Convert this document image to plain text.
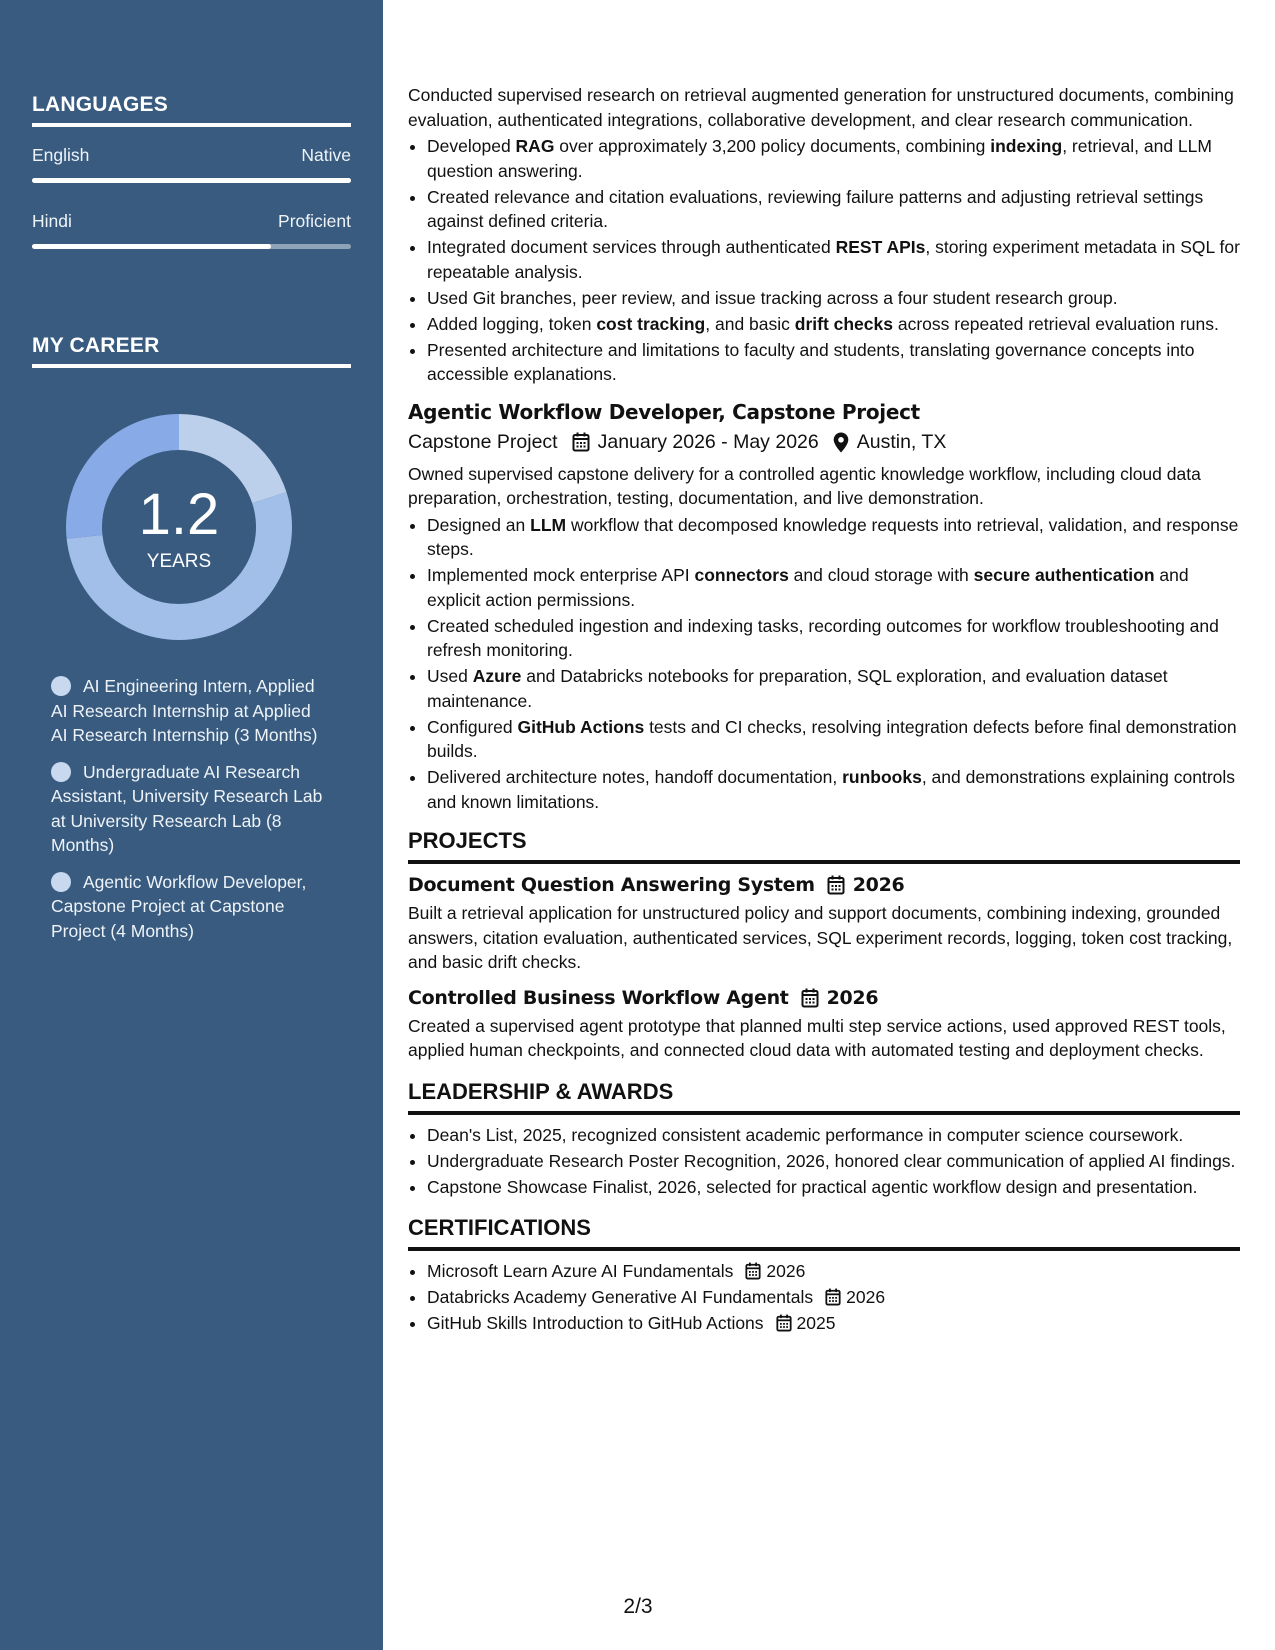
LANGUAGES
English	Native
Hindi	Proficient
MY CAREER
1.2
YEARS
AI Engineering Intern, Applied AI Research Internship at Applied AI Research Internship (3 Months)
Undergraduate AI Research Assistant, University Research Lab at University Research Lab (8 Months)
Agentic Workflow Developer, Capstone Project at Capstone Project (4 Months)

Conducted supervised research on retrieval augmented generation for unstructured documents, combining evaluation, authenticated integrations, collaborative development, and clear research communication.

• Developed RAG over approximately 3,200 policy documents, combining indexing, retrieval, and LLM question answering.
• Created relevance and citation evaluations, reviewing failure patterns and adjusting retrieval settings against defined criteria.
• Integrated document services through authenticated REST APIs, storing experiment metadata in SQL for repeatable analysis.
• Used Git branches, peer review, and issue tracking across a four student research group.
• Added logging, token cost tracking, and basic drift checks across repeated retrieval evaluation runs.
• Presented architecture and limitations to faculty and students, translating governance concepts into accessible explanations.
Agentic Workflow Developer, Capstone Project
Capstone Project January 2026 - May 2026 Austin, TX

Owned supervised capstone delivery for a controlled agentic knowledge workflow, including cloud data preparation, orchestration, testing, documentation, and live demonstration.

• Designed an LLM workflow that decomposed knowledge requests into retrieval, validation, and response steps.
• Implemented mock enterprise API connectors and cloud storage with secure authentication and explicit action permissions.
• Created scheduled ingestion and indexing tasks, recording outcomes for workflow troubleshooting and refresh monitoring.
• Used Azure and Databricks notebooks for preparation, SQL exploration, and evaluation dataset maintenance.
• Configured GitHub Actions tests and CI checks, resolving integration defects before final demonstration builds.
• Delivered architecture notes, handoff documentation, runbooks, and demonstrations explaining controls and known limitations.
PROJECTS
Document Question Answering System 2026

Built a retrieval application for unstructured policy and support documents, combining indexing, grounded answers, citation evaluation, authenticated services, SQL experiment records, logging, token cost tracking, and basic drift checks.

Controlled Business Workflow Agent 2026

Created a supervised agent prototype that planned multi step service actions, used approved REST tools, applied human checkpoints, and connected cloud data with automated testing and deployment checks.

LEADERSHIP & AWARDS
• Dean's List, 2025, recognized consistent academic performance in computer science coursework.
• Undergraduate Research Poster Recognition, 2026, honored clear communication of applied AI findings.
• Capstone Showcase Finalist, 2026, selected for practical agentic workflow design and presentation.
CERTIFICATIONS
• Microsoft Learn Azure AI Fundamentals 2026
• Databricks Academy Generative AI Fundamentals 2026
• GitHub Skills Introduction to GitHub Actions 2025
2/3
